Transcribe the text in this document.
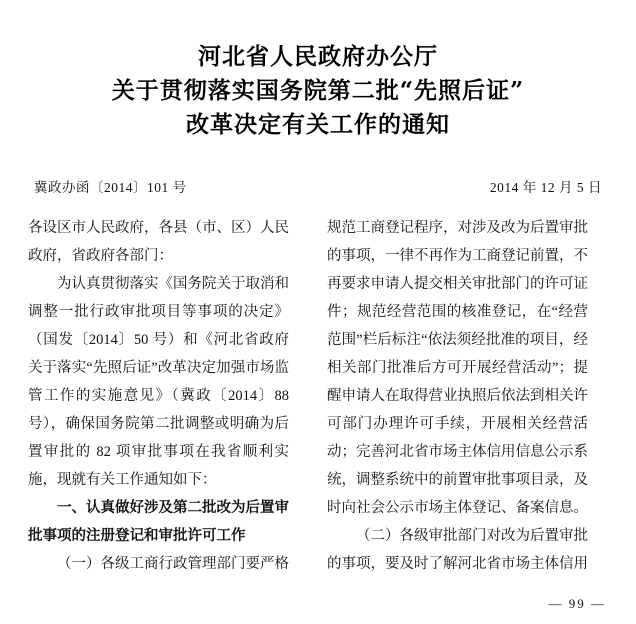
河北省人民政府办公厅
关于贯彻落实国务院第二批“先照后证”
改革决定有关工作的通知
冀政办函〔2014〕101 号	2014 年 12 月 5 日

各设区市人民政府，各县（市、区）人民政府，省政府各部门：

为认真贯彻落实《国务院关于取消和调整一批行政审批项目等事项的决定》（国发〔2014〕50 号）和《河北省政府关于落实“先照后证”改革决定加强市场监管工作的实施意见》（冀政〔2014〕88 号），确保国务院第二批调整或明确为后置审批的 82 项审批事项在我省顺利实施，现就有关工作通知如下：

一、认真做好涉及第二批改为后置审批事项的注册登记和审批许可工作

（一）各级工商行政管理部门要严格

规范工商登记程序，对涉及改为后置审批的事项，一律不再作为工商登记前置，不再要求申请人提交相关审批部门的许可证件；规范经营范围的核准登记，在“经营范围”栏后标注“依法须经批准的项目，经相关部门批准后方可开展经营活动”；提醒申请人在取得营业执照后依法到相关许可部门办理许可手续，开展相关经营活动；完善河北省市场主体信用信息公示系统，调整系统中的前置审批事项目录，及时向社会公示市场主体登记、备案信息。

（二）各级审批部门对改为后置审批的事项，要及时了解河北省市场主体信用

— 99 —
